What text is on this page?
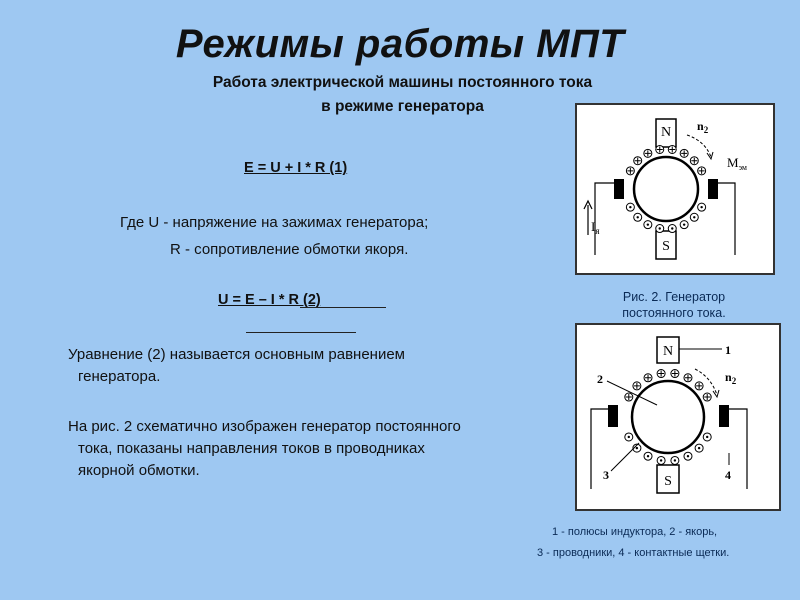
Режимы работы МПТ
Работа электрической машины постоянного тока
в режиме генератора
E = U + I * R (1)
Где U - напряжение на зажимах генератора;
R - сопротивление обмотки якоря.
U = E – I * R (2)
Уравнение (2) называется основным равнением
генератора.
На рис. 2 схематично изображен генератор постоянного
тока, показаны направления токов в проводниках
якорной обмотки.
N
S
$I_я$
$n_2$
$M_{эм}$
Рис. 2. Генератор
постоянного тока.
N
S
1
2
3	4
$n_2$
1 - полюсы индуктора, 2 - якорь,
3 - проводники, 4 - контактные щетки.
